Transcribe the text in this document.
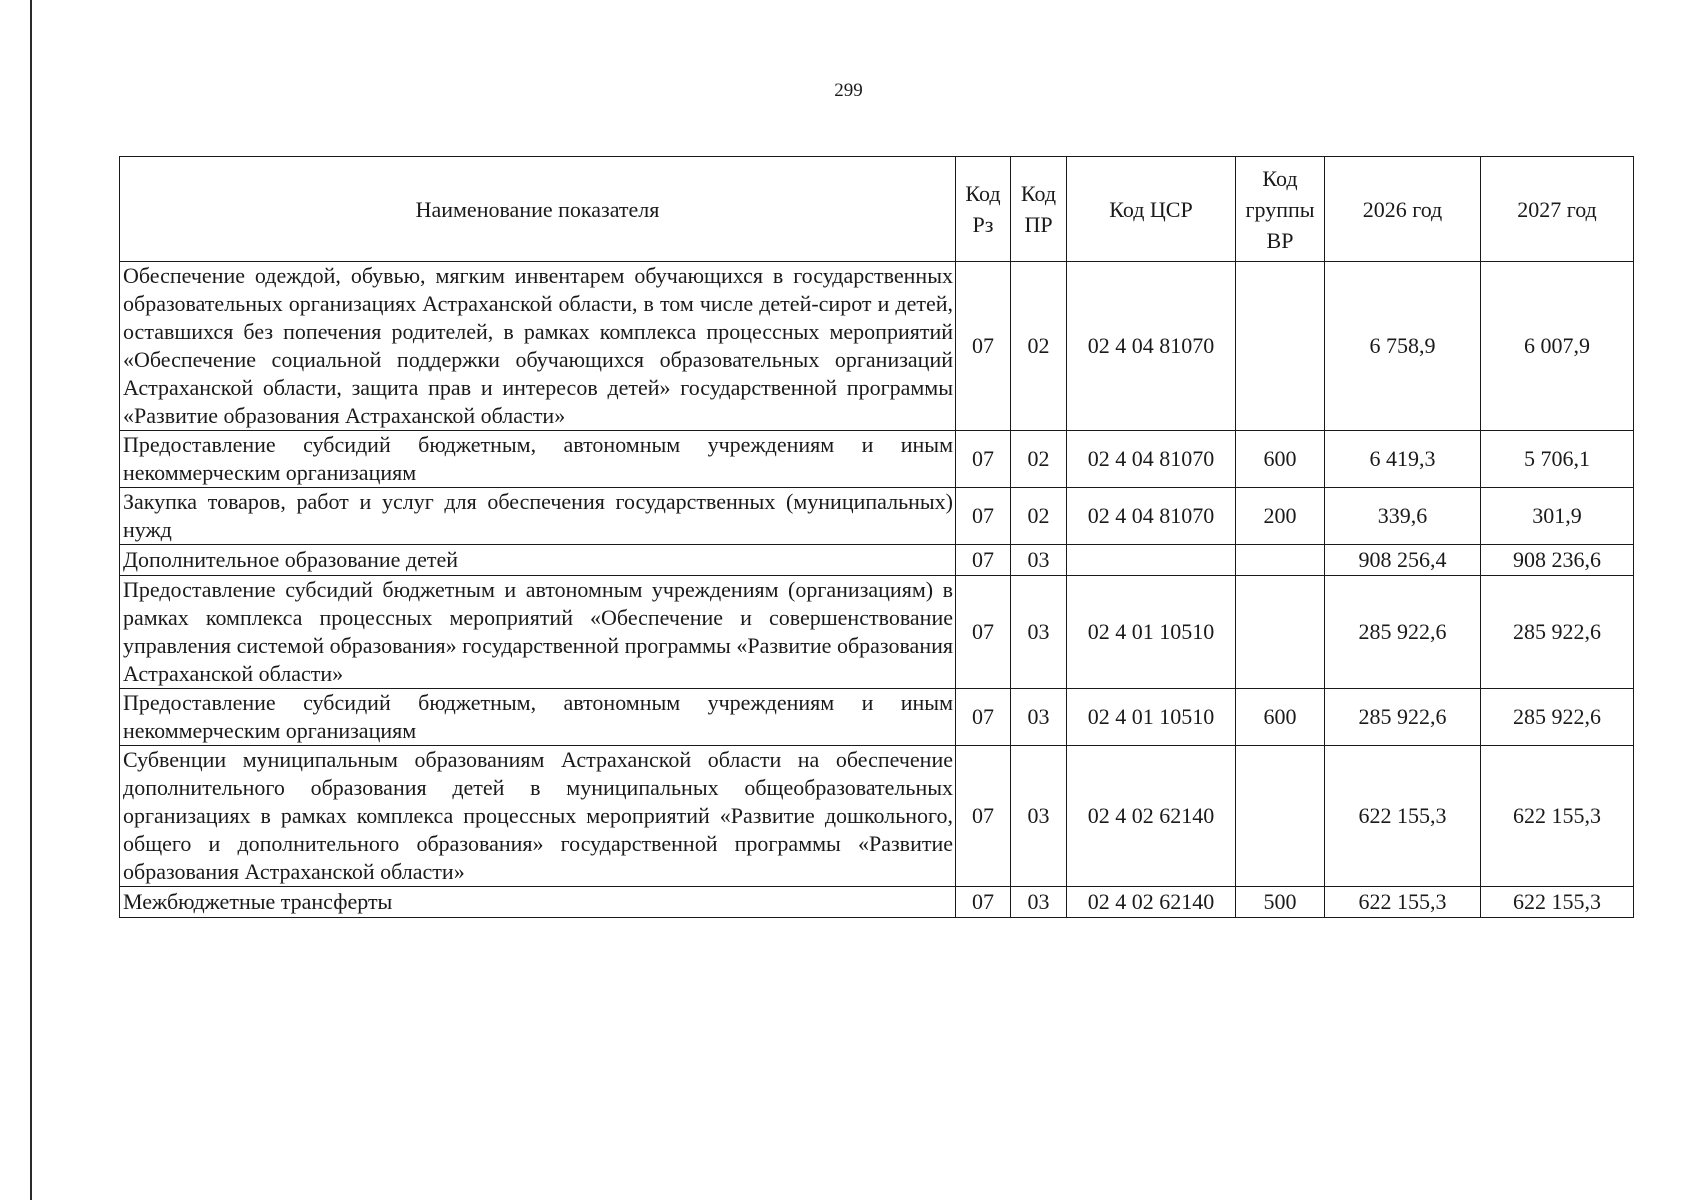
299
Наименование показателя	Код Рз	Код ПР	Код ЦСР	Код группы ВР	2026 год	2027 год
Обеспечение одеждой, обувью, мягким инвентарем обучающихся в государственных образовательных организациях Астраханской области, в том числе детей-сирот и детей, оставшихся без попечения родителей, в рамках комплекса процессных мероприятий «Обеспечение социальной поддержки обучающихся образовательных организаций Астраханской области, защита прав и интересов детей» государственной программы «Развитие образования Астраханской области»	07	02	02 4 04 81070		6 758,9	6 007,9
Предоставление субсидий бюджетным, автономным учреждениям и иным некоммерческим организациям	07	02	02 4 04 81070	600	6 419,3	5 706,1
Закупка товаров, работ и услуг для обеспечения государственных (муниципальных) нужд	07	02	02 4 04 81070	200	339,6	301,9
Дополнительное образование детей	07	03			908 256,4	908 236,6
Предоставление субсидий бюджетным и автономным учреждениям (организациям) в рамках комплекса процессных мероприятий «Обеспечение и совершенствование управления системой образования» государственной программы «Развитие образования Астраханской области»	07	03	02 4 01 10510		285 922,6	285 922,6
Предоставление субсидий бюджетным, автономным учреждениям и иным некоммерческим организациям	07	03	02 4 01 10510	600	285 922,6	285 922,6
Субвенции муниципальным образованиям Астраханской области на обеспечение дополнительного образования детей в муниципальных общеобразовательных организациях в рамках комплекса процессных мероприятий «Развитие дошкольного, общего и дополнительного образования» государственной программы «Развитие образования Астраханской области»	07	03	02 4 02 62140		622 155,3	622 155,3
Межбюджетные трансферты	07	03	02 4 02 62140	500	622 155,3	622 155,3
